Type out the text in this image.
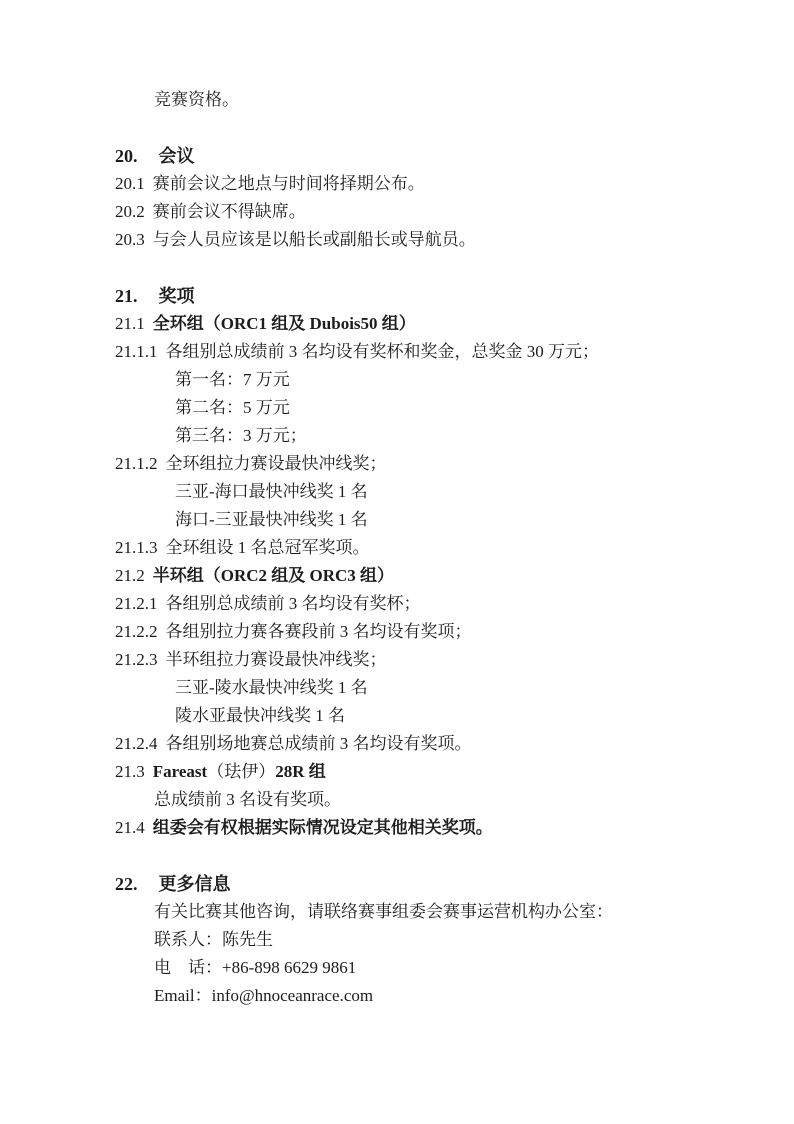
竞赛资格。
20. 会议
20.1 赛前会议之地点与时间将择期公布。
20.2 赛前会议不得缺席。
20.3 与会人员应该是以船长或副船长或导航员。
21. 奖项
21.1 全环组（ORC1 组及 Dubois50 组）
21.1.1 各组别总成绩前 3 名均设有奖杯和奖金，总奖金 30 万元；
第一名：7 万元
第二名：5 万元
第三名：3 万元；
21.1.2 全环组拉力赛设最快冲线奖；
三亚-海口最快冲线奖 1 名
海口-三亚最快冲线奖 1 名
21.1.3 全环组设 1 名总冠军奖项。
21.2 半环组（ORC2 组及 ORC3 组）
21.2.1 各组别总成绩前 3 名均设有奖杯；
21.2.2 各组别拉力赛各赛段前 3 名均设有奖项；
21.2.3 半环组拉力赛设最快冲线奖；
三亚-陵水最快冲线奖 1 名
陵水亚最快冲线奖 1 名
21.2.4 各组别场地赛总成绩前 3 名均设有奖项。
21.3 Fareast（珐伊）28R 组
总成绩前 3 名设有奖项。
21.4 组委会有权根据实际情况设定其他相关奖项。
22. 更多信息
有关比赛其他咨询，请联络赛事组委会赛事运营机构办公室：
联系人：陈先生
电　话：+86-898 6629 9861
Email：info@hnoceanrace.com
